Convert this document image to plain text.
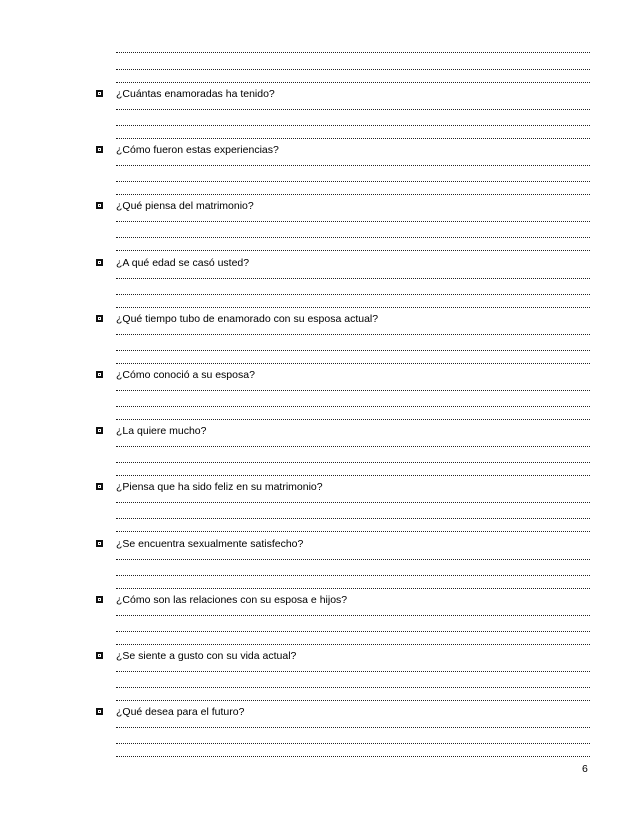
¿Cuántas enamoradas ha tenido?
¿Cómo fueron estas experiencias?
¿Qué piensa del matrimonio?
¿A qué edad se casó usted?
¿Qué tiempo tubo de enamorado con su esposa actual?
¿Cómo conoció a su esposa?
¿La quiere mucho?
¿Piensa que ha sido feliz en su matrimonio?
¿Se encuentra sexualmente satisfecho?
¿Cómo son las relaciones con su esposa e hijos?
¿Se siente a gusto con su vida actual?
¿Qué desea para el futuro?
6
